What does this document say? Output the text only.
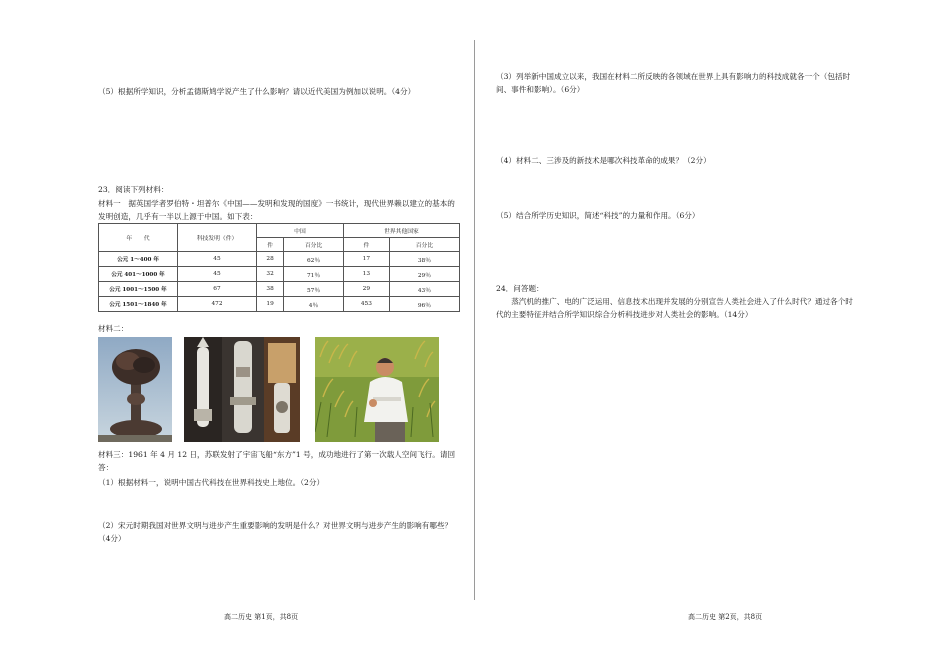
（5）根据所学知识，分析孟德斯鸠学说产生了什么影响？请以近代美国为例加以说明。（4分）

23．阅读下列材料：

材料一　据英国学者罗伯特・坦普尔《中国——发明和发现的国度》一书统计，现代世界赖以建立的基本的发明创造，几乎有一半以上源于中国。如下表：

年　　代	科技发明（件）	中国		世界其他国家	
		件	百分比	件	百分比
公元 1～400 年	45	28	62％	17	38％
公元 401～1000 年	45	32	71％	13	29％
公元 1001～1500 年	67	38	57％	29	43％
公元 1501～1840 年	472	19	4％	453	96％

材料二：

材料三：1961 年 4 月 12 日，苏联发射了宇宙飞船“东方”1 号，成功地进行了第一次载人空间飞行。请回答：

（1）根据材料一，说明中国古代科技在世界科技史上地位。（2分）

（2）宋元时期我国对世界文明与进步产生重要影响的发明是什么？对世界文明与进步产生的影响有哪些？（4分）

高二历史 第1页，共8页

（3）列举新中国成立以来，我国在材料二所反映的各领域在世界上具有影响力的科技成就各一个（包括时间、事件和影响）。（6分）

（4）材料二、三涉及的新技术是哪次科技革命的成果？（2分）

（5）结合所学历史知识，简述“科技”的力量和作用。（6分）

24．问答题：

蒸汽机的推广、电的广泛运用、信息技术出现并发展的分别宣告人类社会进入了什么时代？通过各个时代的主要特征并结合所学知识综合分析科技进步对人类社会的影响。（14分）

高二历史 第2页，共8页
